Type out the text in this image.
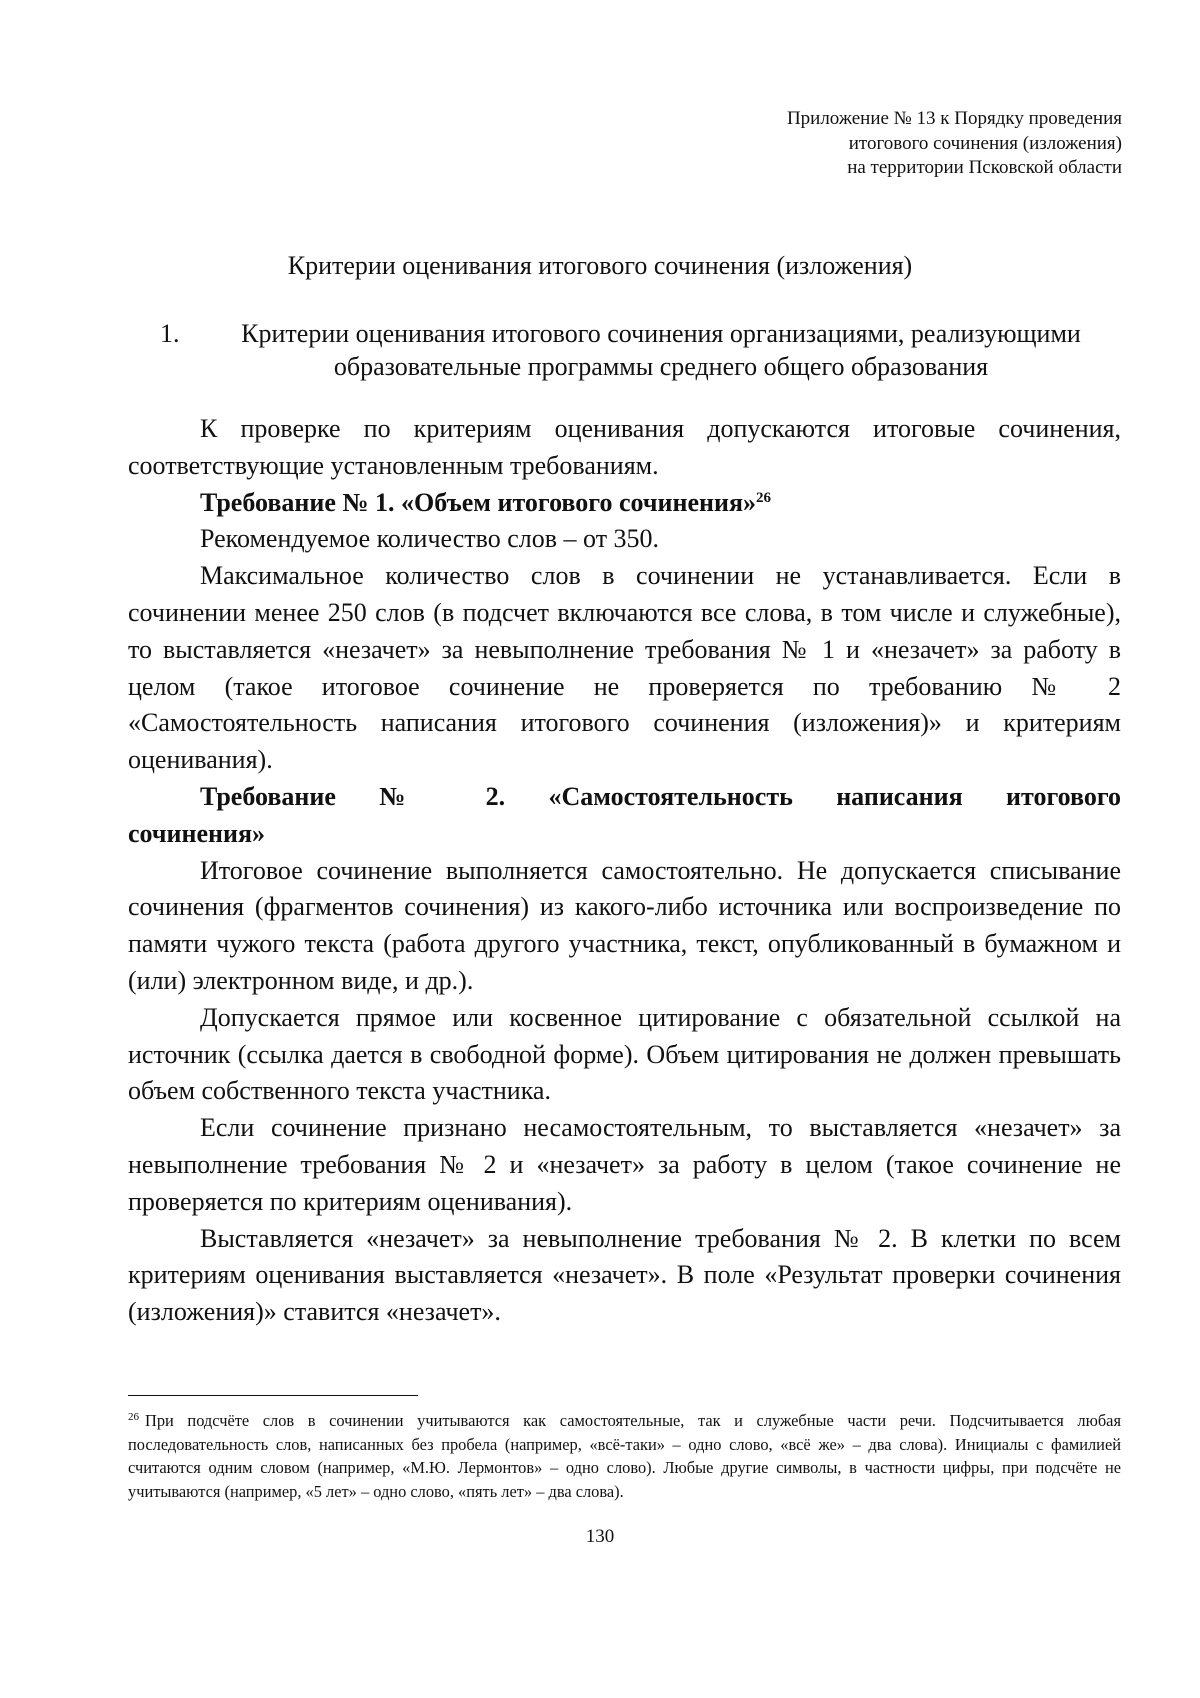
Приложение № 13 к Порядку проведения
итогового сочинения (изложения)
на территории Псковской области
Критерии оценивания итогового сочинения (изложения)
1.	Критерии оценивания итогового сочинения организациями, реализующими образовательные программы среднего общего образования

К проверке по критериям оценивания допускаются итоговые сочинения, соответствующие установленным требованиям.

Требование № 1. «Объем итогового сочинения»$^{26}$

Рекомендуемое количество слов – от 350.

Максимальное количество слов в сочинении не устанавливается. Если в сочинении менее 250 слов (в подсчет включаются все слова, в том числе и служебные), то выставляется «незачет» за невыполнение требования № 1 и «незачет» за работу в целом (такое итоговое сочинение не проверяется по требованию № 2 «Самостоятельность написания итогового сочинения (изложения)» и критериям оценивания).

Требование № 2. «Самостоятельность написания итогового

сочинения»

Итоговое сочинение выполняется самостоятельно. Не допускается списывание сочинения (фрагментов сочинения) из какого-либо источника или воспроизведение по памяти чужого текста (работа другого участника, текст, опубликованный в бумажном и (или) электронном виде, и др.).

Допускается прямое или косвенное цитирование с обязательной ссылкой на источник (ссылка дается в свободной форме). Объем цитирования не должен превышать объем собственного текста участника.

Если сочинение признано несамостоятельным, то выставляется «незачет» за невыполнение требования № 2 и «незачет» за работу в целом (такое сочинение не проверяется по критериям оценивания).

Выставляется «незачет» за невыполнение требования № 2. В клетки по всем критериям оценивания выставляется «незачет». В поле «Результат проверки сочинения (изложения)» ставится «незачет».

$^{26}$ При подсчёте слов в сочинении учитываются как самостоятельные, так и служебные части речи. Подсчитывается любая последовательность слов, написанных без пробела (например, «всё-таки» – одно слово, «всё же» – два слова). Инициалы с фамилией считаются одним словом (например, «М.Ю. Лермонтов» – одно слово). Любые другие символы, в частности цифры, при подсчёте не учитываются (например, «5 лет» – одно слово, «пять лет» – два слова).

130
